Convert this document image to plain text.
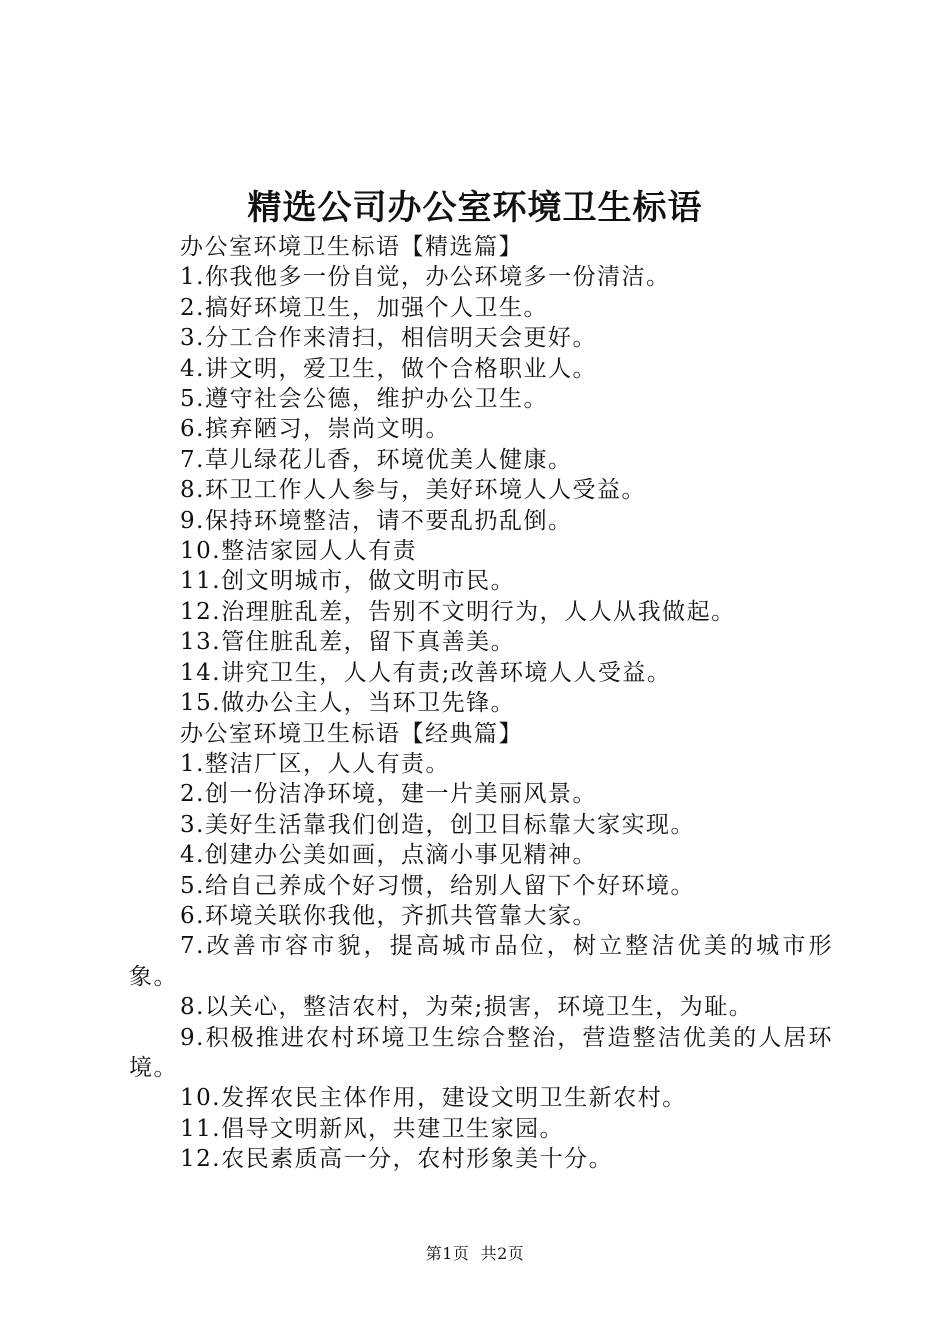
精选公司办公室环境卫生标语

办公室环境卫生标语【精选篇】

1.你我他多一份自觉，办公环境多一份清洁。

2.搞好环境卫生，加强个人卫生。

3.分工合作来清扫，相信明天会更好。

4.讲文明，爱卫生，做个合格职业人。

5.遵守社会公德，维护办公卫生。

6.摈弃陋习，崇尚文明。

7.草儿绿花儿香，环境优美人健康。

8.环卫工作人人参与，美好环境人人受益。

9.保持环境整洁，请不要乱扔乱倒。

10.整洁家园人人有责

11.创文明城市，做文明市民。

12.治理脏乱差，告别不文明行为，人人从我做起。

13.管住脏乱差，留下真善美。

14.讲究卫生，人人有责;改善环境人人受益。

15.做办公主人，当环卫先锋。

办公室环境卫生标语【经典篇】

1.整洁厂区，人人有责。

2.创一份洁净环境，建一片美丽风景。

3.美好生活靠我们创造，创卫目标靠大家实现。

4.创建办公美如画，点滴小事见精神。

5.给自己养成个好习惯，给别人留下个好环境。

6.环境关联你我他，齐抓共管靠大家。

7.改善市容市貌，提高城市品位，树立整洁优美的城市形象。

8.以关心，整洁农村，为荣;损害，环境卫生，为耻。

9.积极推进农村环境卫生综合整治，营造整洁优美的人居环境。

10.发挥农民主体作用，建设文明卫生新农村。

11.倡导文明新风，共建卫生家园。

12.农民素质高一分，农村形象美十分。

第1页  共2页
